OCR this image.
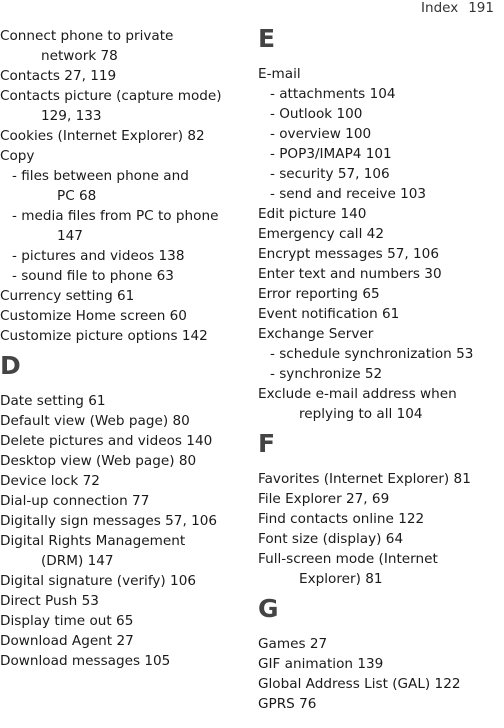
Index 191
Connect phone to private
network 78
Contacts 27, 119
Contacts picture (capture mode)
129, 133
Cookies (Internet Explorer) 82
Copy
- files between phone and
PC 68
- media files from PC to phone
147
- pictures and videos 138
- sound file to phone 63
Currency setting 61
Customize Home screen 60
Customize picture options 142
D
Date setting 61
Default view (Web page) 80
Delete pictures and videos 140
Desktop view (Web page) 80
Device lock 72
Dial-up connection 77
Digitally sign messages 57, 106
Digital Rights Management
(DRM) 147
Digital signature (verify) 106
Direct Push 53
Display time out 65
Download Agent 27
Download messages 105
E
E-mail
- attachments 104
- Outlook 100
- overview 100
- POP3/IMAP4 101
- security 57, 106
- send and receive 103
Edit picture 140
Emergency call 42
Encrypt messages 57, 106
Enter text and numbers 30
Error reporting 65
Event notification 61
Exchange Server
- schedule synchronization 53
- synchronize 52
Exclude e-mail address when
replying to all 104
F
Favorites (Internet Explorer) 81
File Explorer 27, 69
Find contacts online 122
Font size (display) 64
Full-screen mode (Internet
Explorer) 81
G
Games 27
GIF animation 139
Global Address List (GAL) 122
GPRS 76
